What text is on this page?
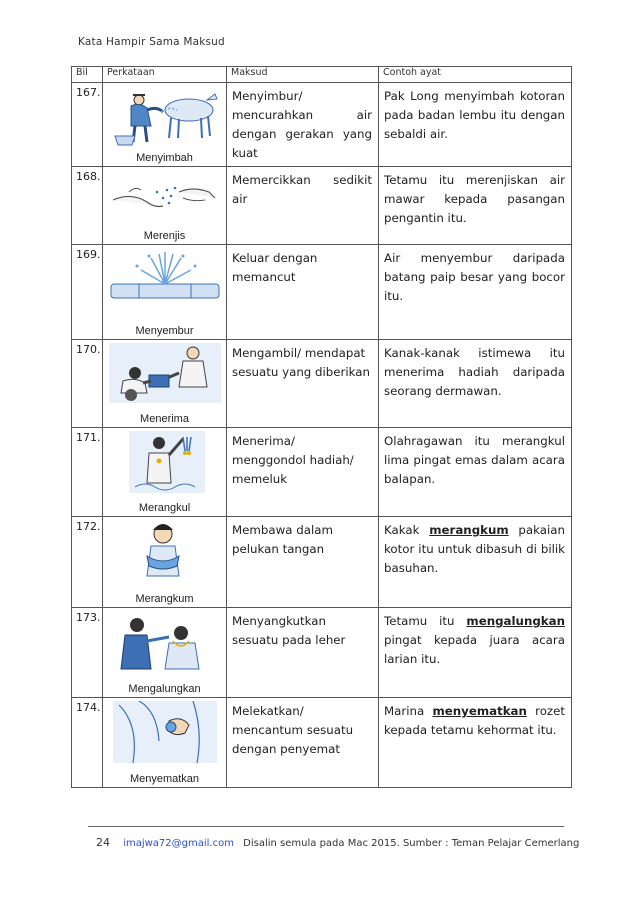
Kata Hampir Sama Maksud
Bil	Perkataan	Maksud	Contoh ayat
167.	Menyimbah	Menyimbur/ mencurahkan air dengan gerakan yang kuat	Pak Long menyimbah kotoran pada badan lembu itu dengan sebaldi air.
168.	Merenjis	Memercikkan sedikit air	Tetamu itu merenjiskan air mawar kepada pasangan pengantin itu.
169.	Menyembur	Keluar dengan memancut	Air menyembur daripada batang paip besar yang bocor itu.
170.	Menerima	Mengambil/ mendapat sesuatu yang diberikan	Kanak-kanak istimewa itu menerima hadiah daripada seorang dermawan.
171.	Merangkul	Menerima/ menggondol hadiah/ memeluk	Olahragawan itu merangkul lima pingat emas dalam acara balapan.
172.	Merangkum	Membawa dalam pelukan tangan	Kakak merangkum pakaian kotor itu untuk dibasuh di bilik basuhan.
173.	Mengalungkan	Menyangkutkan sesuatu pada leher	Tetamu itu mengalungkan pingat kepada juara acara larian itu.
174.	Menyematkan	Melekatkan/ mencantum sesuatu dengan penyemat	Marina menyematkan rozet kepada tetamu kehormat itu.
24 imajwa72@gmail.com Disalin semula pada Mac 2015. Sumber : Teman Pelajar Cemerlang
